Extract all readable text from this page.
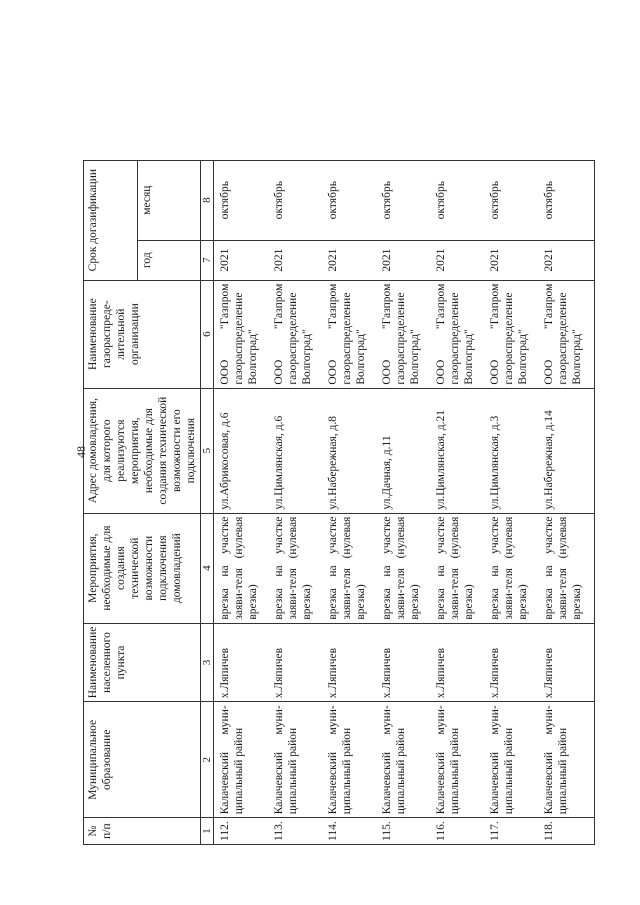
48
№ п/п	Муниципальное образование	Наименование населенного пункта	Мероприятия, необходимые для создания технической возможности подключения домовладений	Адрес домовладения, для которого реализуются мероприятия, необходимые для создания технической возможности его подключения	Наименование газораспреде-лительной организации	Срок догазификации	
						год	месяц
1	2	3	4	5	6	7	8
112.	Калачевский муни-ципальный район	х.Ляпичев	врезка на участке заяви-теля (нулевая врезка)	ул.Абрикосовая, д.6	ООО "Газпром газораспределение Волгоград"	2021	октябрь
113.	Калачевский муни-ципальный район	х.Ляпичев	врезка на участке заяви-теля (нулевая врезка)	ул.Цимлянская, д.6	ООО "Газпром газораспределение Волгоград"	2021	октябрь
114.	Калачевский муни-ципальный район	х.Ляпичев	врезка на участке заяви-теля (нулевая врезка)	ул.Набережная, д.8	ООО "Газпром газораспределение Волгоград"	2021	октябрь
115.	Калачевский муни-ципальный район	х.Ляпичев	врезка на участке заяви-теля (нулевая врезка)	ул.Дачная, д.11	ООО "Газпром газораспределение Волгоград"	2021	октябрь
116.	Калачевский муни-ципальный район	х.Ляпичев	врезка на участке заяви-теля (нулевая врезка)	ул.Цимлянская, д.21	ООО "Газпром газораспределение Волгоград"	2021	октябрь
117.	Калачевский муни-ципальный район	х.Ляпичев	врезка на участке заяви-теля (нулевая врезка)	ул.Цимлянская, д.3	ООО "Газпром газораспределение Волгоград"	2021	октябрь
118.	Калачевский муни-ципальный район	х.Ляпичев	врезка на участке заяви-теля (нулевая врезка)	ул.Набережная, д.14	ООО "Газпром газораспределение Волгоград"	2021	октябрь
